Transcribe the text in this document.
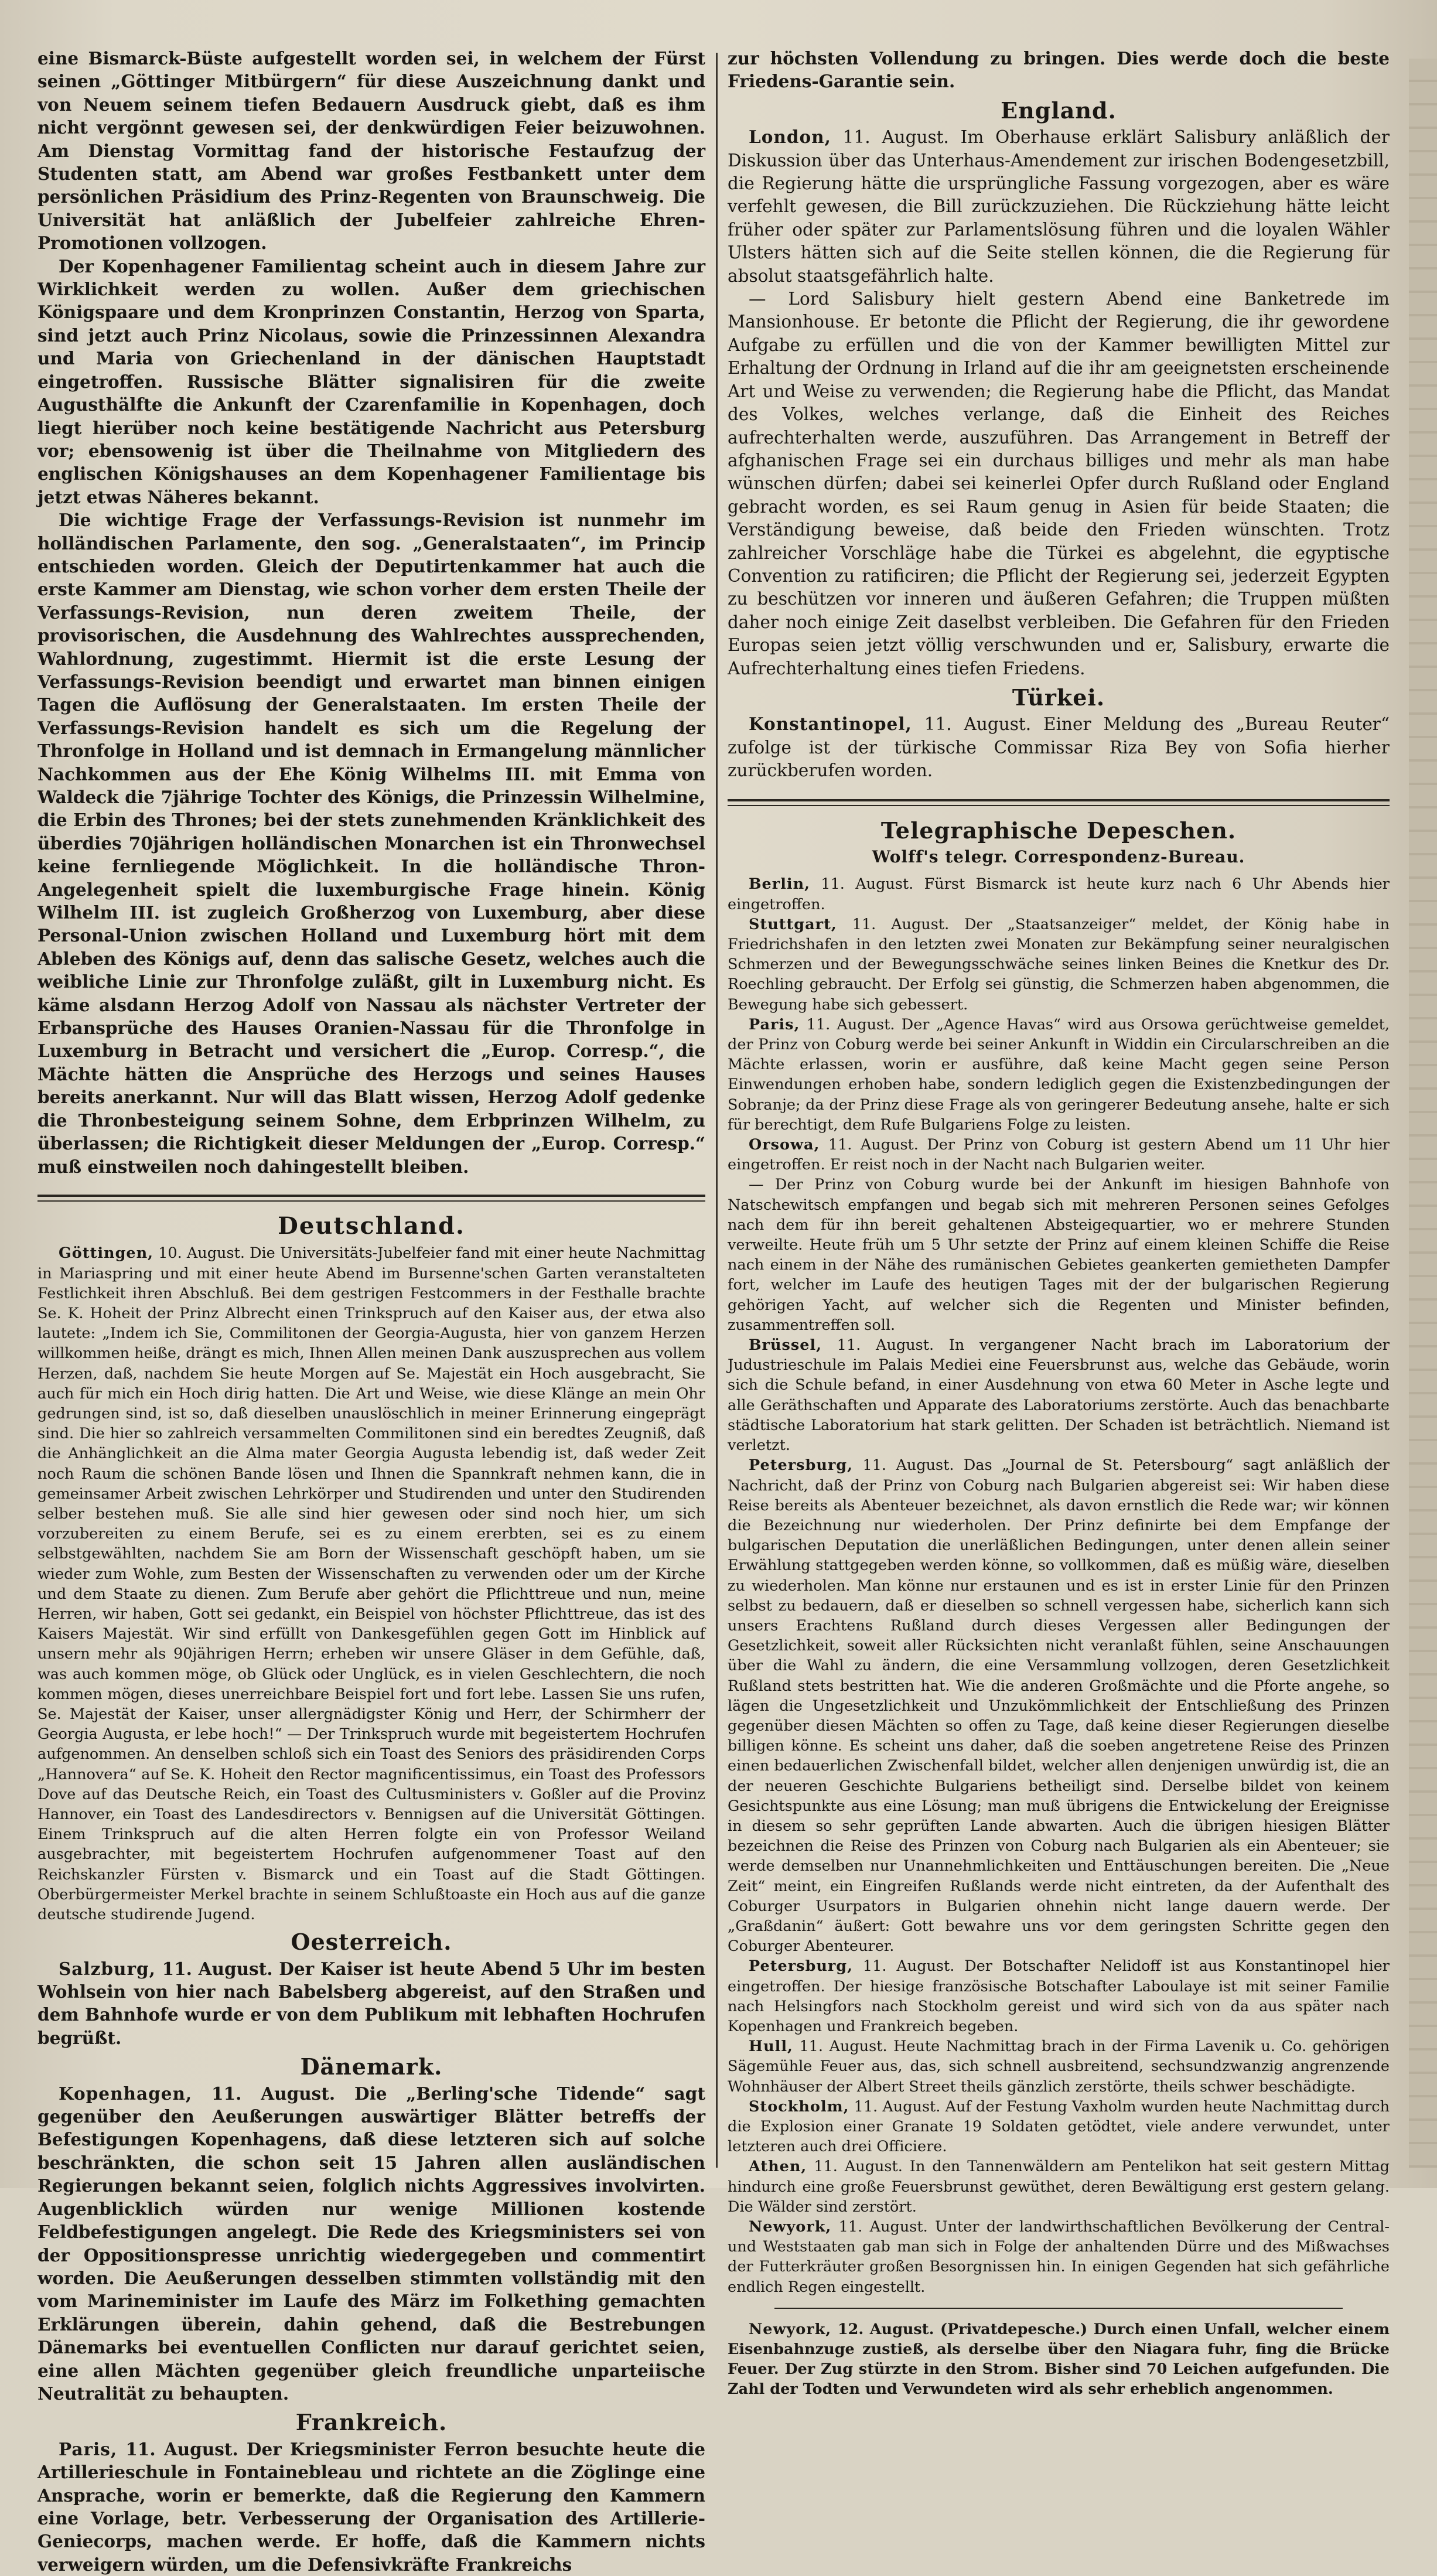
eine Bismarck-Büste aufgestellt worden sei, in welchem der Fürst seinen „Göttinger Mitbürgern“ für diese Auszeichnung dankt und von Neuem seinem tiefen Bedauern Ausdruck giebt, daß es ihm nicht vergönnt gewesen sei, der denkwürdigen Feier beizuwohnen. Am Dienstag Vormittag fand der historische Festaufzug der Studenten statt, am Abend war großes Festbankett unter dem persönlichen Präsidium des Prinz-Regenten von Braunschweig. Die Universität hat anläßlich der Jubelfeier zahlreiche Ehren-Promotionen vollzogen.

Der Kopenhagener Familientag scheint auch in diesem Jahre zur Wirklichkeit werden zu wollen. Außer dem griechischen Königspaare und dem Kronprinzen Constantin, Herzog von Sparta, sind jetzt auch Prinz Nicolaus, sowie die Prinzessinnen Alexandra und Maria von Griechenland in der dänischen Hauptstadt eingetroffen. Russische Blätter signalisiren für die zweite Augusthälfte die Ankunft der Czarenfamilie in Kopenhagen, doch liegt hierüber noch keine bestätigende Nachricht aus Petersburg vor; ebensowenig ist über die Theilnahme von Mitgliedern des englischen Königshauses an dem Kopenhagener Familientage bis jetzt etwas Näheres bekannt.

Die wichtige Frage der Verfassungs-Revision ist nunmehr im holländischen Parlamente, den sog. „Generalstaaten“, im Princip entschieden worden. Gleich der Deputirtenkammer hat auch die erste Kammer am Dienstag, wie schon vorher dem ersten Theile der Verfassungs-Revision, nun deren zweitem Theile, der provisorischen, die Ausdehnung des Wahlrechtes aussprechenden, Wahlordnung, zugestimmt. Hiermit ist die erste Lesung der Verfassungs-Revision beendigt und erwartet man binnen einigen Tagen die Auflösung der Generalstaaten. Im ersten Theile der Verfassungs-Revision handelt es sich um die Regelung der Thronfolge in Holland und ist demnach in Ermangelung männlicher Nachkommen aus der Ehe König Wilhelms III. mit Emma von Waldeck die 7jährige Tochter des Königs, die Prinzessin Wilhelmine, die Erbin des Thrones; bei der stets zunehmenden Kränklichkeit des überdies 70jährigen holländischen Monarchen ist ein Thronwechsel keine fernliegende Möglichkeit. In die holländische Thron-Angelegenheit spielt die luxemburgische Frage hinein. König Wilhelm III. ist zugleich Großherzog von Luxemburg, aber diese Personal-Union zwischen Holland und Luxemburg hört mit dem Ableben des Königs auf, denn das salische Gesetz, welches auch die weibliche Linie zur Thronfolge zuläßt, gilt in Luxemburg nicht. Es käme alsdann Herzog Adolf von Nassau als nächster Vertreter der Erbansprüche des Hauses Oranien-Nassau für die Thronfolge in Luxemburg in Betracht und versichert die „Europ. Corresp.“, die Mächte hätten die Ansprüche des Herzogs und seines Hauses bereits anerkannt. Nur will das Blatt wissen, Herzog Adolf gedenke die Thronbesteigung seinem Sohne, dem Erbprinzen Wilhelm, zu überlassen; die Richtigkeit dieser Meldungen der „Europ. Corresp.“ muß einstweilen noch dahingestellt bleiben.

Deutschland.

Göttingen, 10. August. Die Universitäts-Jubelfeier fand mit einer heute Nachmittag in Mariaspring und mit einer heute Abend im Bursenne'schen Garten veranstalteten Festlichkeit ihren Abschluß. Bei dem gestrigen Festcommers in der Festhalle brachte Se. K. Hoheit der Prinz Albrecht einen Trinkspruch auf den Kaiser aus, der etwa also lautete: „Indem ich Sie, Commilitonen der Georgia-Augusta, hier von ganzem Herzen willkommen heiße, drängt es mich, Ihnen Allen meinen Dank auszusprechen aus vollem Herzen, daß, nachdem Sie heute Morgen auf Se. Majestät ein Hoch ausgebracht, Sie auch für mich ein Hoch dirig hatten. Die Art und Weise, wie diese Klänge an mein Ohr gedrungen sind, ist so, daß dieselben unauslöschlich in meiner Erinnerung eingeprägt sind. Die hier so zahlreich versammelten Commilitonen sind ein beredtes Zeugniß, daß die Anhänglichkeit an die Alma mater Georgia Augusta lebendig ist, daß weder Zeit noch Raum die schönen Bande lösen und Ihnen die Spannkraft nehmen kann, die in gemeinsamer Arbeit zwischen Lehrkörper und Studirenden und unter den Studirenden selber bestehen muß. Sie alle sind hier gewesen oder sind noch hier, um sich vorzubereiten zu einem Berufe, sei es zu einem ererbten, sei es zu einem selbstgewählten, nachdem Sie am Born der Wissenschaft geschöpft haben, um sie wieder zum Wohle, zum Besten der Wissenschaften zu verwenden oder um der Kirche und dem Staate zu dienen. Zum Berufe aber gehört die Pflichttreue und nun, meine Herren, wir haben, Gott sei gedankt, ein Beispiel von höchster Pflichttreue, das ist des Kaisers Majestät. Wir sind erfüllt von Dankesgefühlen gegen Gott im Hinblick auf unsern mehr als 90jährigen Herrn; erheben wir unsere Gläser in dem Gefühle, daß, was auch kommen möge, ob Glück oder Unglück, es in vielen Geschlechtern, die noch kommen mögen, dieses unerreichbare Beispiel fort und fort lebe. Lassen Sie uns rufen, Se. Majestät der Kaiser, unser allergnädigster König und Herr, der Schirmherr der Georgia Augusta, er lebe hoch!“ — Der Trinkspruch wurde mit begeistertem Hochrufen aufgenommen. An denselben schloß sich ein Toast des Seniors des präsidirenden Corps „Hannovera“ auf Se. K. Hoheit den Rector magnificentissimus, ein Toast des Professors Dove auf das Deutsche Reich, ein Toast des Cultusministers v. Goßler auf die Provinz Hannover, ein Toast des Landesdirectors v. Bennigsen auf die Universität Göttingen. Einem Trinkspruch auf die alten Herren folgte ein von Professor Weiland ausgebrachter, mit begeistertem Hochrufen aufgenommener Toast auf den Reichskanzler Fürsten v. Bismarck und ein Toast auf die Stadt Göttingen. Oberbürgermeister Merkel brachte in seinem Schlußtoaste ein Hoch aus auf die ganze deutsche studirende Jugend.

Oesterreich.

Salzburg, 11. August. Der Kaiser ist heute Abend 5 Uhr im besten Wohlsein von hier nach Babelsberg abgereist, auf den Straßen und dem Bahnhofe wurde er von dem Publikum mit lebhaften Hochrufen begrüßt.

Dänemark.

Kopenhagen, 11. August. Die „Berling'sche Tidende“ sagt gegenüber den Aeußerungen auswärtiger Blätter betreffs der Befestigungen Kopenhagens, daß diese letzteren sich auf solche beschränkten, die schon seit 15 Jahren allen ausländischen Regierungen bekannt seien, folglich nichts Aggressives involvirten. Augenblicklich würden nur wenige Millionen kostende Feldbefestigungen angelegt. Die Rede des Kriegsministers sei von der Oppositionspresse unrichtig wiedergegeben und commentirt worden. Die Aeußerungen desselben stimmten vollständig mit den vom Marineminister im Laufe des März im Folkething gemachten Erklärungen überein, dahin gehend, daß die Bestrebungen Dänemarks bei eventuellen Conflicten nur darauf gerichtet seien, eine allen Mächten gegenüber gleich freundliche unparteiische Neutralität zu behaupten.

Frankreich.

Paris, 11. August. Der Kriegsminister Ferron besuchte heute die Artillerieschule in Fontainebleau und richtete an die Zöglinge eine Ansprache, worin er bemerkte, daß die Regierung den Kammern eine Vorlage, betr. Verbesserung der Organisation des Artillerie-Geniecorps, machen werde. Er hoffe, daß die Kammern nichts verweigern würden, um die Defensivkräfte Frankreichs

zur höchsten Vollendung zu bringen. Dies werde doch die beste Friedens-Garantie sein.

England.

London, 11. August. Im Oberhause erklärt Salisbury anläßlich der Diskussion über das Unterhaus-Amendement zur irischen Bodengesetzbill, die Regierung hätte die ursprüngliche Fassung vorgezogen, aber es wäre verfehlt gewesen, die Bill zurückzuziehen. Die Rückziehung hätte leicht früher oder später zur Parlamentslösung führen und die loyalen Wähler Ulsters hätten sich auf die Seite stellen können, die die Regierung für absolut staatsgefährlich halte.

— Lord Salisbury hielt gestern Abend eine Banketrede im Mansionhouse. Er betonte die Pflicht der Regierung, die ihr gewordene Aufgabe zu erfüllen und die von der Kammer bewilligten Mittel zur Erhaltung der Ordnung in Irland auf die ihr am geeignetsten erscheinende Art und Weise zu verwenden; die Regierung habe die Pflicht, das Mandat des Volkes, welches verlange, daß die Einheit des Reiches aufrechterhalten werde, auszuführen. Das Arrangement in Betreff der afghanischen Frage sei ein durchaus billiges und mehr als man habe wünschen dürfen; dabei sei keinerlei Opfer durch Rußland oder England gebracht worden, es sei Raum genug in Asien für beide Staaten; die Verständigung beweise, daß beide den Frieden wünschten. Trotz zahlreicher Vorschläge habe die Türkei es abgelehnt, die egyptische Convention zu ratificiren; die Pflicht der Regierung sei, jederzeit Egypten zu beschützen vor inneren und äußeren Gefahren; die Truppen müßten daher noch einige Zeit daselbst verbleiben. Die Gefahren für den Frieden Europas seien jetzt völlig verschwunden und er, Salisbury, erwarte die Aufrechterhaltung eines tiefen Friedens.

Türkei.

Konstantinopel, 11. August. Einer Meldung des „Bureau Reuter“ zufolge ist der türkische Commissar Riza Bey von Sofia hierher zurückberufen worden.

Telegraphische Depeschen.
Wolff's telegr. Correspondenz-Bureau.

Berlin, 11. August. Fürst Bismarck ist heute kurz nach 6 Uhr Abends hier eingetroffen.

Stuttgart, 11. August. Der „Staatsanzeiger“ meldet, der König habe in Friedrichshafen in den letzten zwei Monaten zur Bekämpfung seiner neuralgischen Schmerzen und der Bewegungsschwäche seines linken Beines die Knetkur des Dr. Roechling gebraucht. Der Erfolg sei günstig, die Schmerzen haben abgenommen, die Bewegung habe sich gebessert.

Paris, 11. August. Der „Agence Havas“ wird aus Orsowa gerüchtweise gemeldet, der Prinz von Coburg werde bei seiner Ankunft in Widdin ein Circularschreiben an die Mächte erlassen, worin er ausführe, daß keine Macht gegen seine Person Einwendungen erhoben habe, sondern lediglich gegen die Existenzbedingungen der Sobranje; da der Prinz diese Frage als von geringerer Bedeutung ansehe, halte er sich für berechtigt, dem Rufe Bulgariens Folge zu leisten.

Orsowa, 11. August. Der Prinz von Coburg ist gestern Abend um 11 Uhr hier eingetroffen. Er reist noch in der Nacht nach Bulgarien weiter.

— Der Prinz von Coburg wurde bei der Ankunft im hiesigen Bahnhofe von Natschewitsch empfangen und begab sich mit mehreren Personen seines Gefolges nach dem für ihn bereit gehaltenen Absteigequartier, wo er mehrere Stunden verweilte. Heute früh um 5 Uhr setzte der Prinz auf einem kleinen Schiffe die Reise nach einem in der Nähe des rumänischen Gebietes geankerten gemietheten Dampfer fort, welcher im Laufe des heutigen Tages mit der der bulgarischen Regierung gehörigen Yacht, auf welcher sich die Regenten und Minister befinden, zusammentreffen soll.

Brüssel, 11. August. In vergangener Nacht brach im Laboratorium der Judustrieschule im Palais Mediei eine Feuersbrunst aus, welche das Gebäude, worin sich die Schule befand, in einer Ausdehnung von etwa 60 Meter in Asche legte und alle Geräthschaften und Apparate des Laboratoriums zerstörte. Auch das benachbarte städtische Laboratorium hat stark gelitten. Der Schaden ist beträchtlich. Niemand ist verletzt.

Petersburg, 11. August. Das „Journal de St. Petersbourg“ sagt anläßlich der Nachricht, daß der Prinz von Coburg nach Bulgarien abgereist sei: Wir haben diese Reise bereits als Abenteuer bezeichnet, als davon ernstlich die Rede war; wir können die Bezeichnung nur wiederholen. Der Prinz definirte bei dem Empfange der bulgarischen Deputation die unerläßlichen Bedingungen, unter denen allein seiner Erwählung stattgegeben werden könne, so vollkommen, daß es müßig wäre, dieselben zu wiederholen. Man könne nur erstaunen und es ist in erster Linie für den Prinzen selbst zu bedauern, daß er dieselben so schnell vergessen habe, sicherlich kann sich unsers Erachtens Rußland durch dieses Vergessen aller Bedingungen der Gesetzlichkeit, soweit aller Rücksichten nicht veranlaßt fühlen, seine Anschauungen über die Wahl zu ändern, die eine Versammlung vollzogen, deren Gesetzlichkeit Rußland stets bestritten hat. Wie die anderen Großmächte und die Pforte angehe, so lägen die Ungesetzlichkeit und Unzukömmlichkeit der Entschließung des Prinzen gegenüber diesen Mächten so offen zu Tage, daß keine dieser Regierungen dieselbe billigen könne. Es scheint uns daher, daß die soeben angetretene Reise des Prinzen einen bedauerlichen Zwischenfall bildet, welcher allen denjenigen unwürdig ist, die an der neueren Geschichte Bulgariens betheiligt sind. Derselbe bildet von keinem Gesichtspunkte aus eine Lösung; man muß übrigens die Entwickelung der Ereignisse in diesem so sehr geprüften Lande abwarten. Auch die übrigen hiesigen Blätter bezeichnen die Reise des Prinzen von Coburg nach Bulgarien als ein Abenteuer; sie werde demselben nur Unannehmlichkeiten und Enttäuschungen bereiten. Die „Neue Zeit“ meint, ein Eingreifen Rußlands werde nicht eintreten, da der Aufenthalt des Coburger Usurpators in Bulgarien ohnehin nicht lange dauern werde. Der „Graßdanin“ äußert: Gott bewahre uns vor dem geringsten Schritte gegen den Coburger Abenteurer.

Petersburg, 11. August. Der Botschafter Nelidoff ist aus Konstantinopel hier eingetroffen. Der hiesige französische Botschafter Laboulaye ist mit seiner Familie nach Helsingfors nach Stockholm gereist und wird sich von da aus später nach Kopenhagen und Frankreich begeben.

Hull, 11. August. Heute Nachmittag brach in der Firma Lavenik u. Co. gehörigen Sägemühle Feuer aus, das, sich schnell ausbreitend, sechsundzwanzig angrenzende Wohnhäuser der Albert Street theils gänzlich zerstörte, theils schwer beschädigte.

Stockholm, 11. August. Auf der Festung Vaxholm wurden heute Nachmittag durch die Explosion einer Granate 19 Soldaten getödtet, viele andere verwundet, unter letzteren auch drei Officiere.

Athen, 11. August. In den Tannenwäldern am Pentelikon hat seit gestern Mittag hindurch eine große Feuersbrunst gewüthet, deren Bewältigung erst gestern gelang. Die Wälder sind zerstört.

Newyork, 11. August. Unter der landwirthschaftlichen Bevölkerung der Central- und Weststaaten gab man sich in Folge der anhaltenden Dürre und des Mißwachses der Futterkräuter großen Besorgnissen hin. In einigen Gegenden hat sich gefährliche endlich Regen eingestellt.

Newyork, 12. August. (Privatdepesche.) Durch einen Unfall, welcher einem Eisenbahnzuge zustieß, als derselbe über den Niagara fuhr, fing die Brücke Feuer. Der Zug stürzte in den Strom. Bisher sind 70 Leichen aufgefunden. Die Zahl der Todten und Verwundeten wird als sehr erheblich angenommen.
